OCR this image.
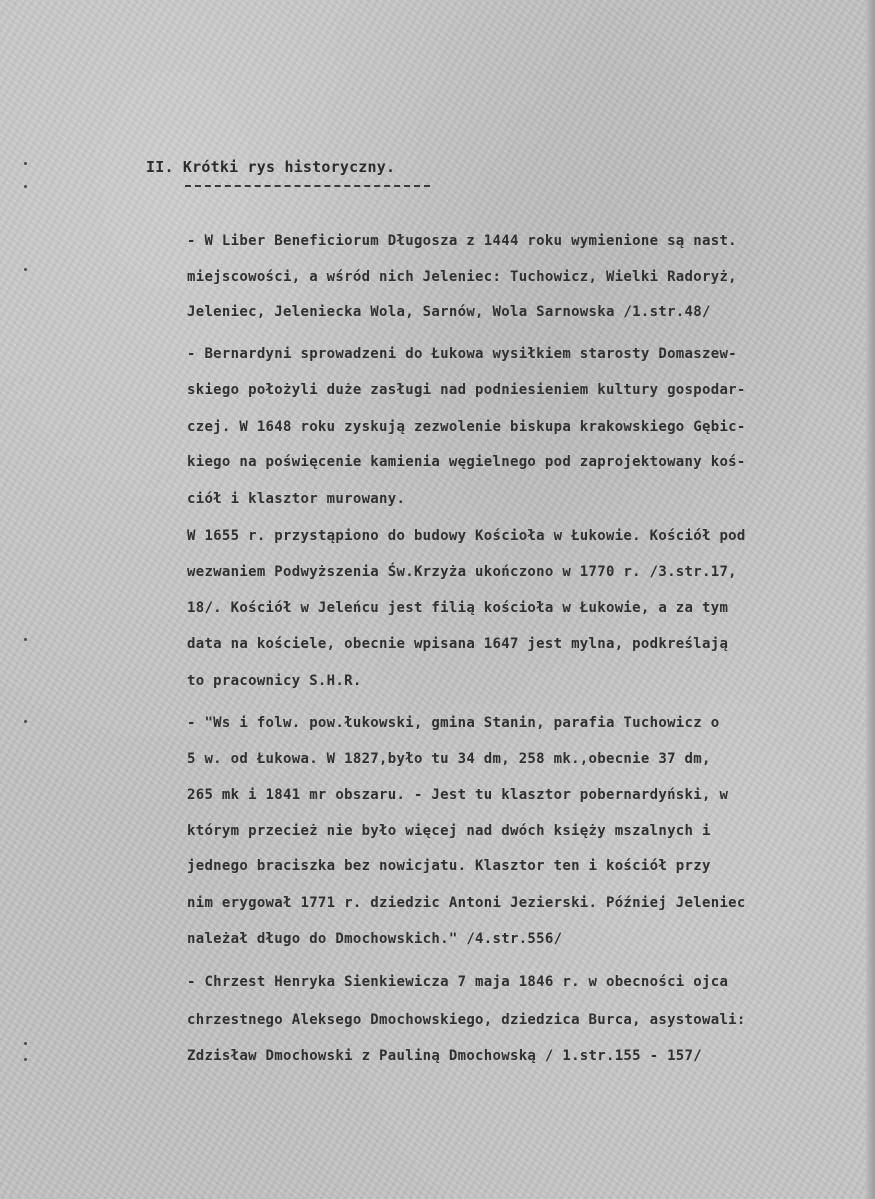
II. Krótki rys historyczny.
- W Liber Beneficiorum Długosza z 1444 roku wymienione są nast.
miejscowości, a wśród nich Jeleniec: Tuchowicz, Wielki Radoryż,
Jeleniec, Jeleniecka Wola, Sarnów, Wola Sarnowska /1.str.48/
- Bernardyni sprowadzeni do Łukowa wysiłkiem starosty Domaszew-
skiego położyli duże zasługi nad podniesieniem kultury gospodar-
czej. W 1648 roku zyskują zezwolenie biskupa krakowskiego Gębic-
kiego na poświęcenie kamienia węgielnego pod zaprojektowany koś-
ciół i klasztor murowany.
W 1655 r. przystąpiono do budowy Kościoła w Łukowie. Kościół pod
wezwaniem Podwyższenia Św.Krzyża ukończono w 1770 r. /3.str.17,
18/. Kościół w Jeleńcu jest filią kościoła w Łukowie, a za tym
data na kościele, obecnie wpisana 1647 jest mylna, podkreślają
to pracownicy S.H.R.
- "Ws i folw. pow.łukowski, gmina Stanin, parafia Tuchowicz o
5 w. od Łukowa. W 1827,było tu 34 dm, 258 mk.,obecnie 37 dm,
265 mk i 1841 mr obszaru. - Jest tu klasztor pobernardyński, w
którym przecież nie było więcej nad dwóch księży mszalnych i
jednego braciszka bez nowicjatu. Klasztor ten i kościół przy
nim erygował 1771 r. dziedzic Antoni Jezierski. Później Jeleniec
należał długo do Dmochowskich." /4.str.556/
- Chrzest Henryka Sienkiewicza 7 maja 1846 r. w obecności ojca
chrzestnego Aleksego Dmochowskiego, dziedzica Burca, asystowali:
Zdzisław Dmochowski z Pauliną Dmochowską / 1.str.155 - 157/
